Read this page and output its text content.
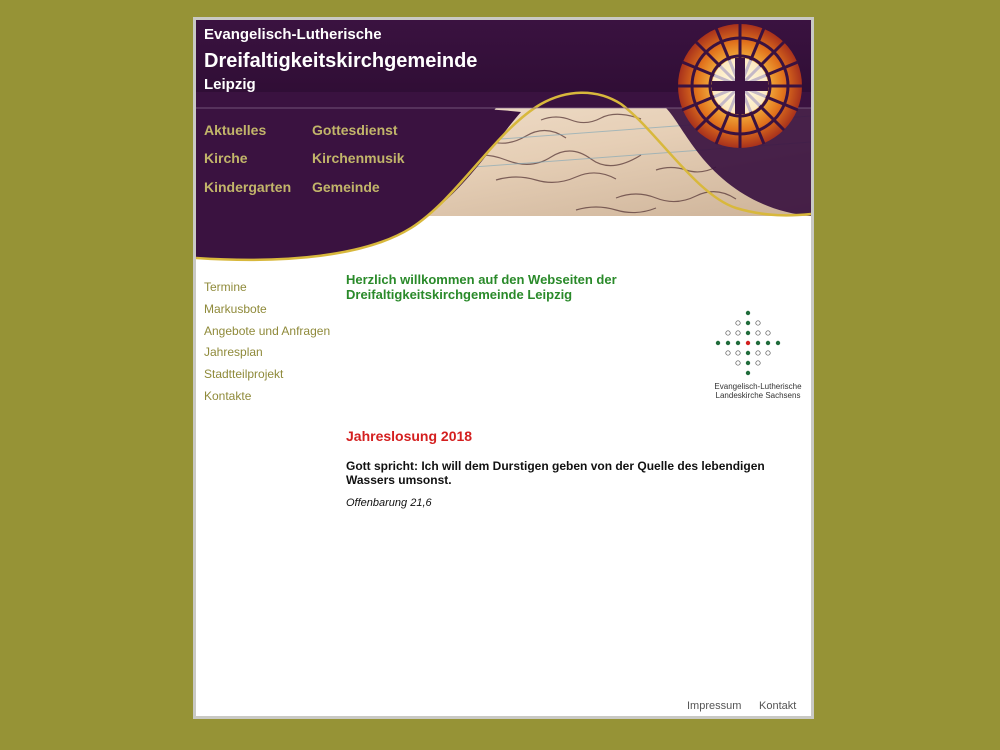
Evangelisch-Lutherische

Dreifaltigkeitskirchgemeinde

Leipzig

Aktuelles	Gottesdienst
Kirche	Kirchenmusik
Kindergarten Gemeinde
Termine
Markusbote
Angebote und Anfragen
Jahresplan
Stadtteilprojekt
Kontakte
Herzlich willkommen auf den Webseiten der
Dreifaltigkeitskirchgemeinde Leipzig
Evangelisch-Lutherische
Landeskirche Sachsens
Jahreslosung 2018

Gott spricht: Ich will dem Durstigen geben von der Quelle des lebendigen Wassers umsonst.

Offenbarung 21,6

Impressum Kontakt
